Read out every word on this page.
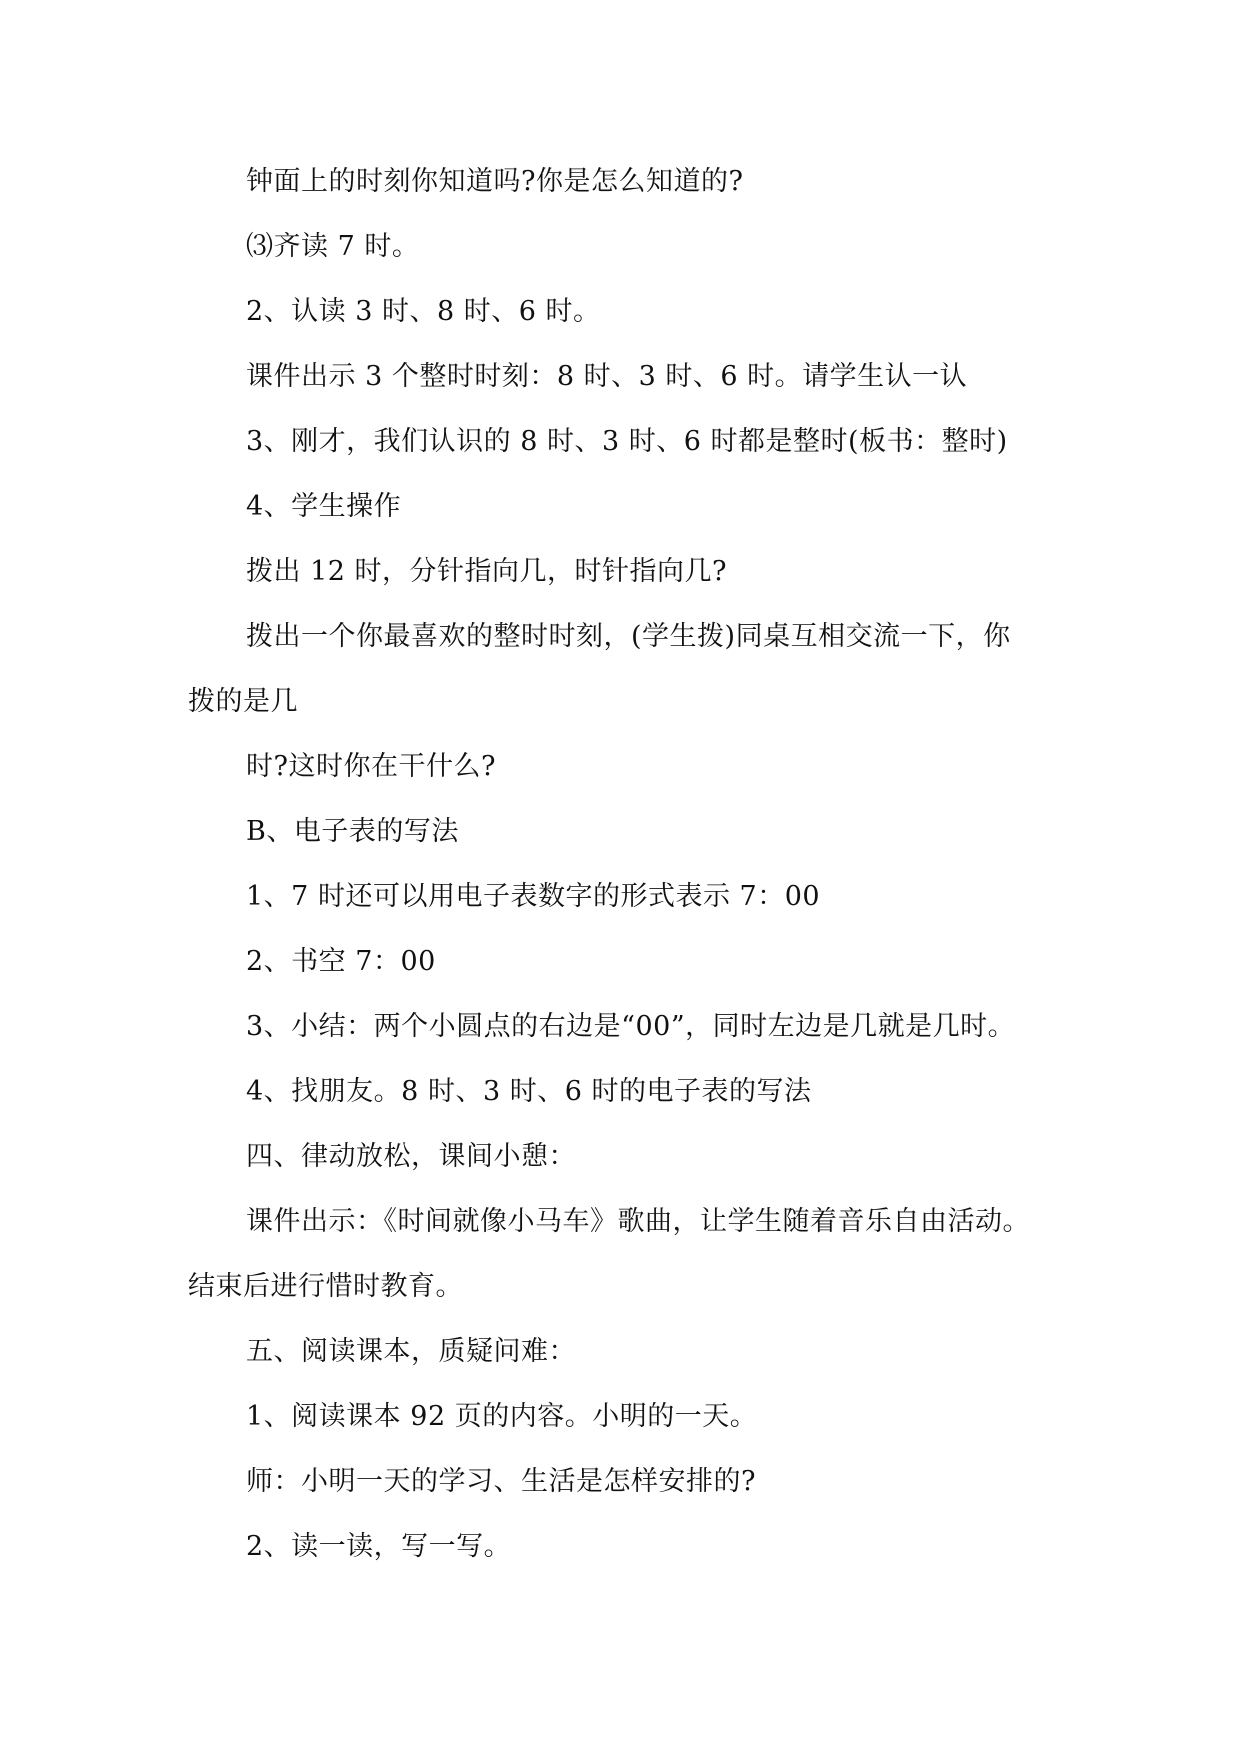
钟面上的时刻你知道吗?你是怎么知道的?
⑶齐读 7 时。
2、认读 3 时、8 时、6 时。
课件出示 3 个整时时刻：8 时、3 时、6 时。请学生认一认
3、刚才，我们认识的 8 时、3 时、6 时都是整时(板书：整时)
4、学生操作
拨出 12 时，分针指向几，时针指向几?
拨出一个你最喜欢的整时时刻，(学生拨)同桌互相交流一下，你
拨的是几
时?这时你在干什么?
B、电子表的写法
1、7 时还可以用电子表数字的形式表示 7：00
2、书空 7：00
3、小结：两个小圆点的右边是“00”，同时左边是几就是几时。
4、找朋友。8 时、3 时、6 时的电子表的写法
四、律动放松，课间小憩：
课件出示：《时间就像小马车》歌曲，让学生随着音乐自由活动。
结束后进行惜时教育。
五、阅读课本，质疑问难：
1、阅读课本 92 页的内容。小明的一天。
师：小明一天的学习、生活是怎样安排的?
2、读一读，写一写。
